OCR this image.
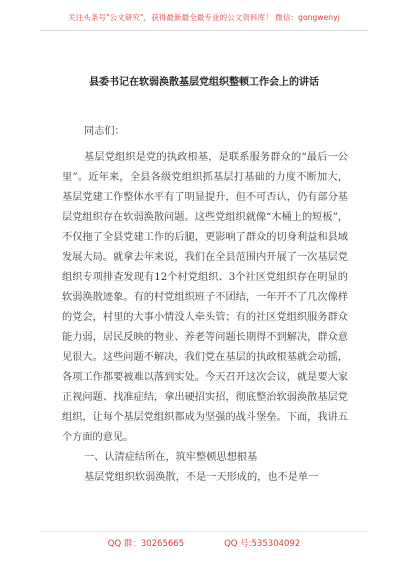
关注头条号"公文研究"，获得最新最全最专业的公文资料库！ 微信：gongwenyj
县委书记在软弱涣散基层党组织整顿工作会上的讲话

同志们：

基层党组织是党的执政根基，是联系服务群众的“最后一公里”。近年来，全县各级党组织抓基层打基础的力度不断加大，基层党建工作整体水平有了明显提升，但不可否认，仍有部分基层党组织存在软弱涣散问题。这些党组织就像“木桶上的短板”，不仅拖了全县党建工作的后腿，更影响了群众的切身利益和县域发展大局。就拿去年来说，我们在全县范围内开展了一次基层党组织专项排查发现有12个村党组织、3个社区党组织存在明显的软弱涣散迹象。有的村党组织班子不团结，一年开不了几次像样的党会，村里的大事小情没人牵头管；有的社区党组织服务群众能力弱，居民反映的物业、养老等问题长期得不到解决，群众意见很大。这些问题不解决，我们党在基层的执政根基就会动摇，各项工作都要被难以落到实处。今天召开这次会议，就是要大家正视问题、找准症结，拿出硬招实招，彻底整治软弱涣散基层党组织，让每个基层党组织都成为坚强的战斗堡垒。下面，我讲五个方面的意见。

一、认清症结所在，筑牢整顿思想根基

基层党组织软弱涣散，不是一天形成的，也不是单一

QQ 群：30265665	QQ 号:535304092
